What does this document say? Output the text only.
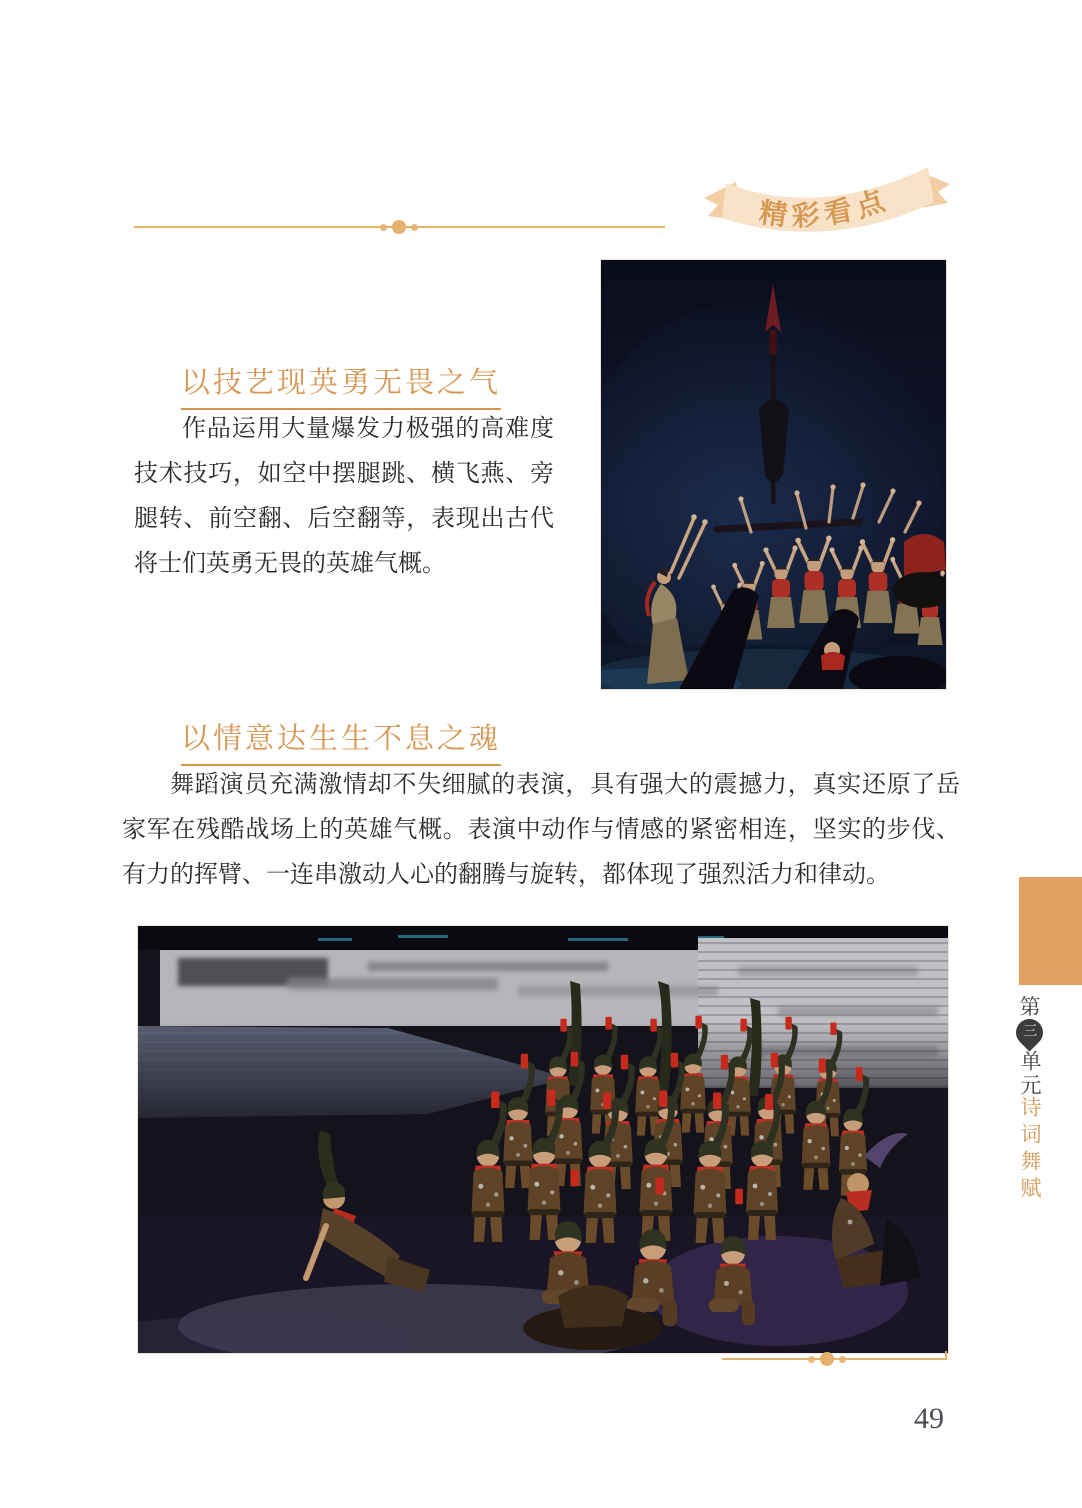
精彩看点
以技艺现英勇无畏之气
作品运用大量爆发力极强的高难度技术技巧，如空中摆腿跳、横飞燕、旁腿转、前空翻、后空翻等，表现出古代将士们英勇无畏的英雄气概。
以情意达生生不息之魂
舞蹈演员充满激情却不失细腻的表演，具有强大的震撼力，真实还原了岳家军在残酷战场上的英雄气概。表演中动作与情感的紧密相连，坚实的步伐、有力的挥臂、一连串激动人心的翻腾与旋转，都体现了强烈活力和律动。
第
三
单元
诗词舞赋
49
